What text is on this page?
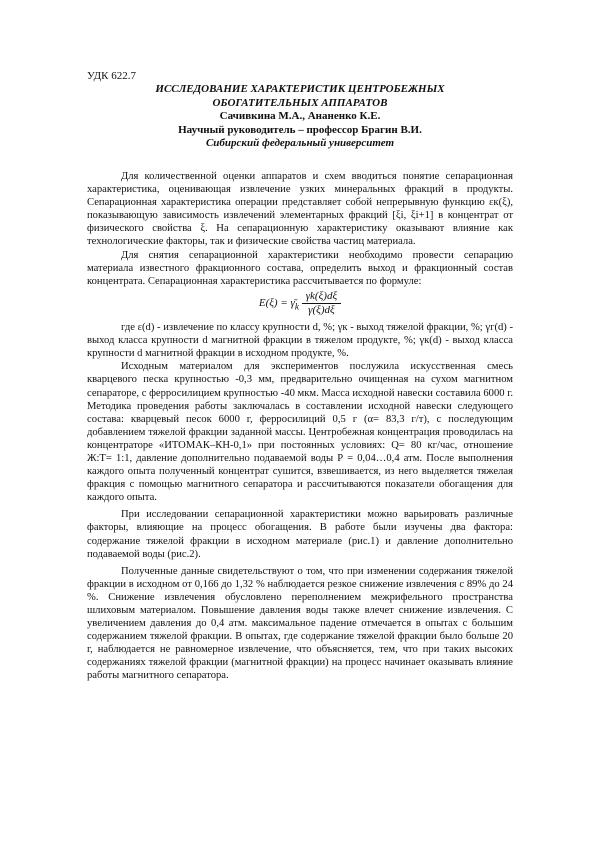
УДК 622.7
ИССЛЕДОВАНИЕ ХАРАКТЕРИСТИК ЦЕНТРОБЕЖНЫХ
ОБОГАТИТЕЛЬНЫХ АППАРАТОВ
Сачивкина М.А., Ананенко К.Е.
Научный руководитель – профессор Брагин В.И.
Сибирский федеральный университет

Для количественной оценки аппаратов и схем вводиться понятие сепарационная характеристика, оценивающая извлечение узких минеральных фракций в продукты. Сепарационная характеристика операции представляет собой непрерывную функцию εк(ξ), показывающую зависимость извлечений элементарных фракций [ξi, ξi+1] в концентрат от физического свойства ξ. На сепарационную характеристику оказывают влияние как технологические факторы, так и физические свойства частиц материала.

Для снятия сепарационной характеристики необходимо провести сепарацию материала известного фракционного состава, определить выход и фракционный состав концентрата. Сепарационная характеристика рассчитывается по формуле:

$E(\xi) = \gammā_k \frac{\gamma k(\xi)d\xi}{\gamma(\xi)d\xi}$

где ε(d) - извлечение по классу крупности d, %; γк - выход тяжелой фракции, %; γг(d) - выход класса крупности d магнитной фракции в тяжелом продукте, %; γк(d) - выход класса крупности d магнитной фракции в исходном продукте, %.

Исходным материалом для экспериментов послужила искусственная смесь кварцевого песка крупностью -0,3 мм, предварительно очищенная на сухом магнитном сепараторе, с ферросилицием крупностью -40 мкм. Масса исходной навески составила 6000 г. Методика проведения работы заключалась в составлении исходной навески следующего состава: кварцевый песок 6000 г, ферросилиций 0,5 г (α= 83,3 г/т), с последующим добавлением тяжелой фракции заданной массы. Центробежная концентрация проводилась на концентраторе «ИТОМАК–КН-0,1» при постоянных условиях: Q= 80 кг/час, отношение Ж:Т= 1:1, давление дополнительно подаваемой воды Р = 0,04…0,4 атм. После выполнения каждого опыта полученный концентрат сушится, взвешивается, из него выделяется тяжелая фракция с помощью магнитного сепаратора и рассчитываются показатели обогащения для каждого опыта.

При исследовании сепарационной характеристики можно варьировать различные факторы, влияющие на процесс обогащения. В работе были изучены два фактора: содержание тяжелой фракции в исходном материале (рис.1) и давление дополнительно подаваемой воды (рис.2).

Полученные данные свидетельствуют о том, что при изменении содержания тяжелой фракции в исходном от 0,166 до 1,32 % наблюдается резкое снижение извлечения с 89% до 24 %. Снижение извлечения обусловлено переполнением межрифельного пространства шлиховым материалом. Повышение давления воды также влечет снижение извлечения. С увеличением давления до 0,4 атм. максимальное падение отмечается в опытах с большим содержанием тяжелой фракции. В опытах, где содержание тяжелой фракции было больше 20 г, наблюдается не равномерное извлечение, что объясняется, тем, что при таких высоких содержаниях тяжелой фракции (магнитной фракции) на процесс начинает оказывать влияние работы магнитного сепаратора.
